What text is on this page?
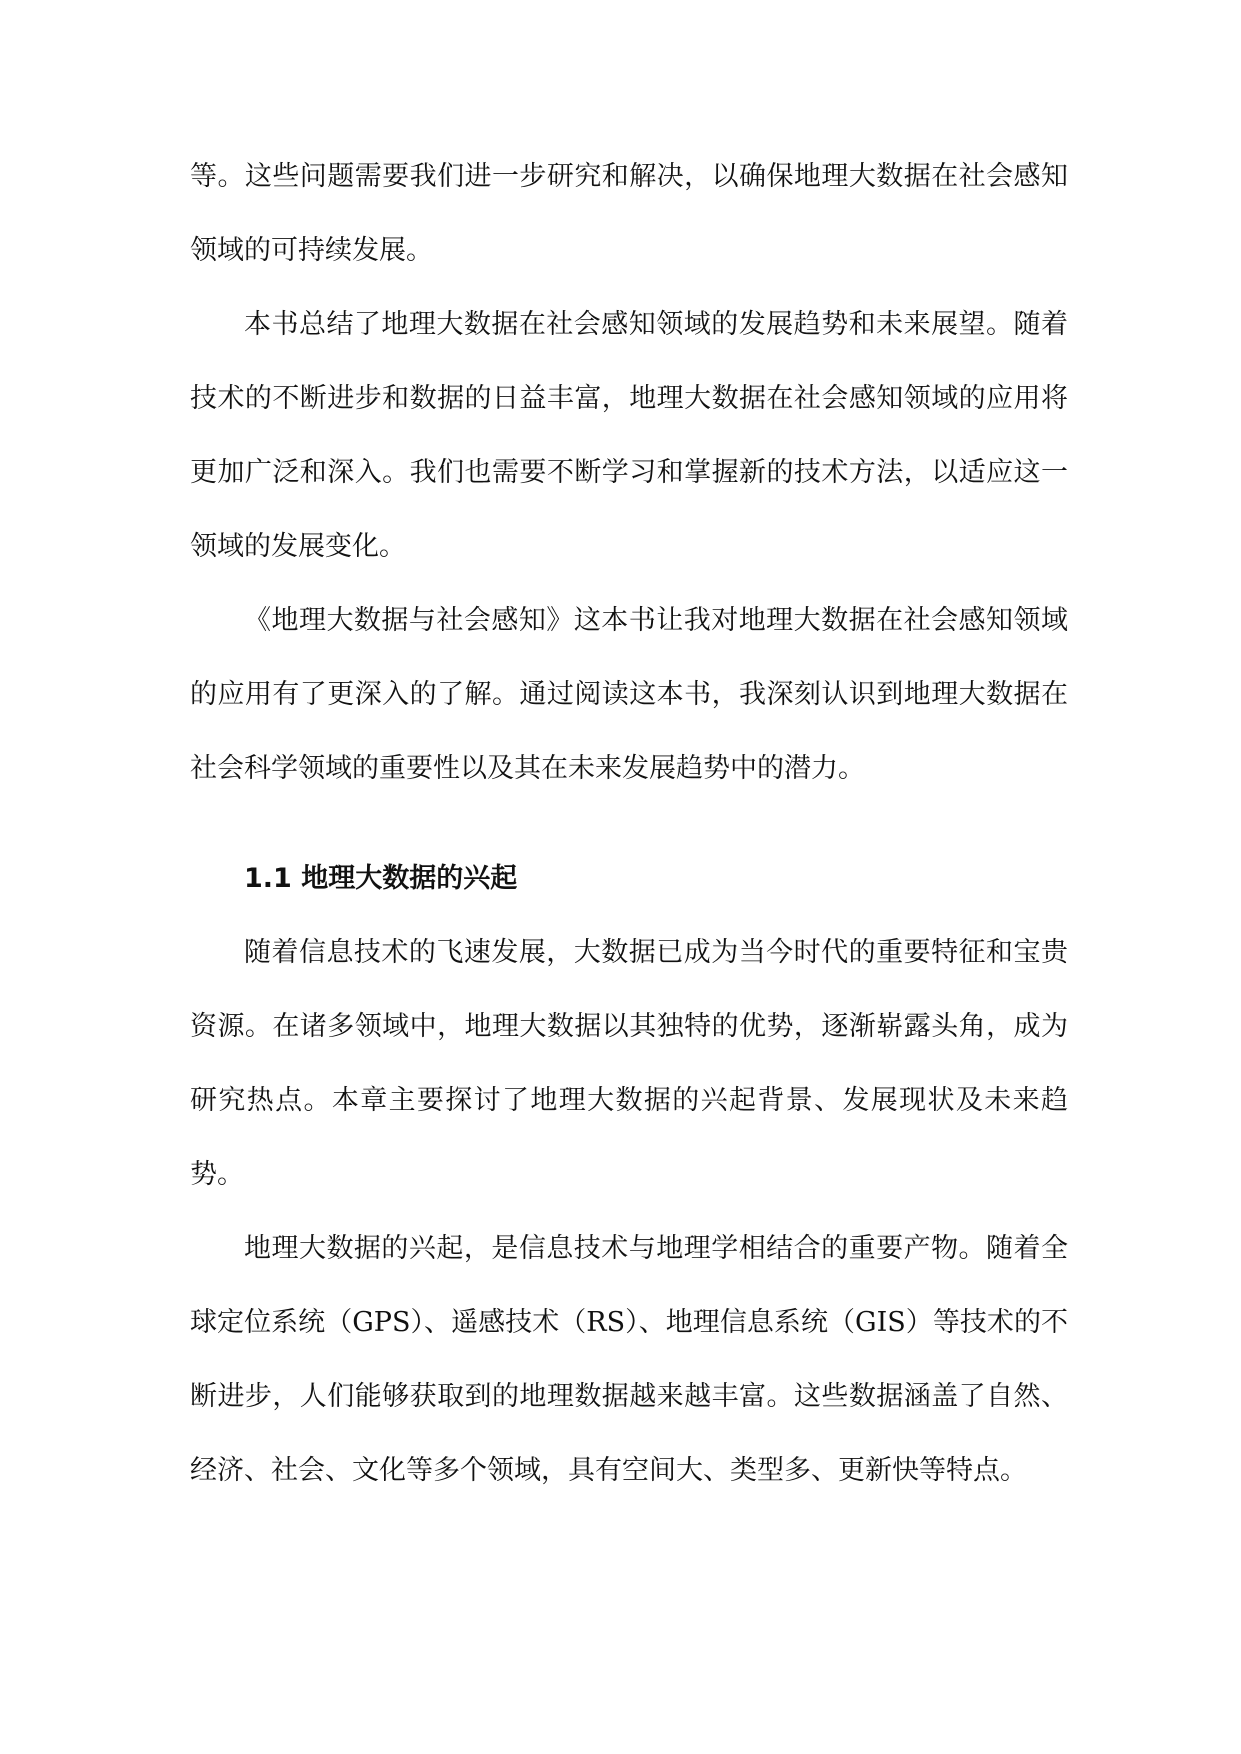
等。这些问题需要我们进一步研究和解决，以确保地理大数据在社会感知领域的可持续发展。

本书总结了地理大数据在社会感知领域的发展趋势和未来展望。随着技术的不断进步和数据的日益丰富，地理大数据在社会感知领域的应用将更加广泛和深入。我们也需要不断学习和掌握新的技术方法，以适应这一领域的发展变化。

《地理大数据与社会感知》这本书让我对地理大数据在社会感知领域的应用有了更深入的了解。通过阅读这本书，我深刻认识到地理大数据在社会科学领域的重要性以及其在未来发展趋势中的潜力。

1.1 地理大数据的兴起

随着信息技术的飞速发展，大数据已成为当今时代的重要特征和宝贵资源。在诸多领域中，地理大数据以其独特的优势，逐渐崭露头角，成为研究热点。本章主要探讨了地理大数据的兴起背景、发展现状及未来趋势。

地理大数据的兴起，是信息技术与地理学相结合的重要产物。随着全球定位系统（GPS）、遥感技术（RS）、地理信息系统（GIS）等技术的不断进步，人们能够获取到的地理数据越来越丰富。这些数据涵盖了自然、经济、社会、文化等多个领域，具有空间大、类型多、更新快等特点。
